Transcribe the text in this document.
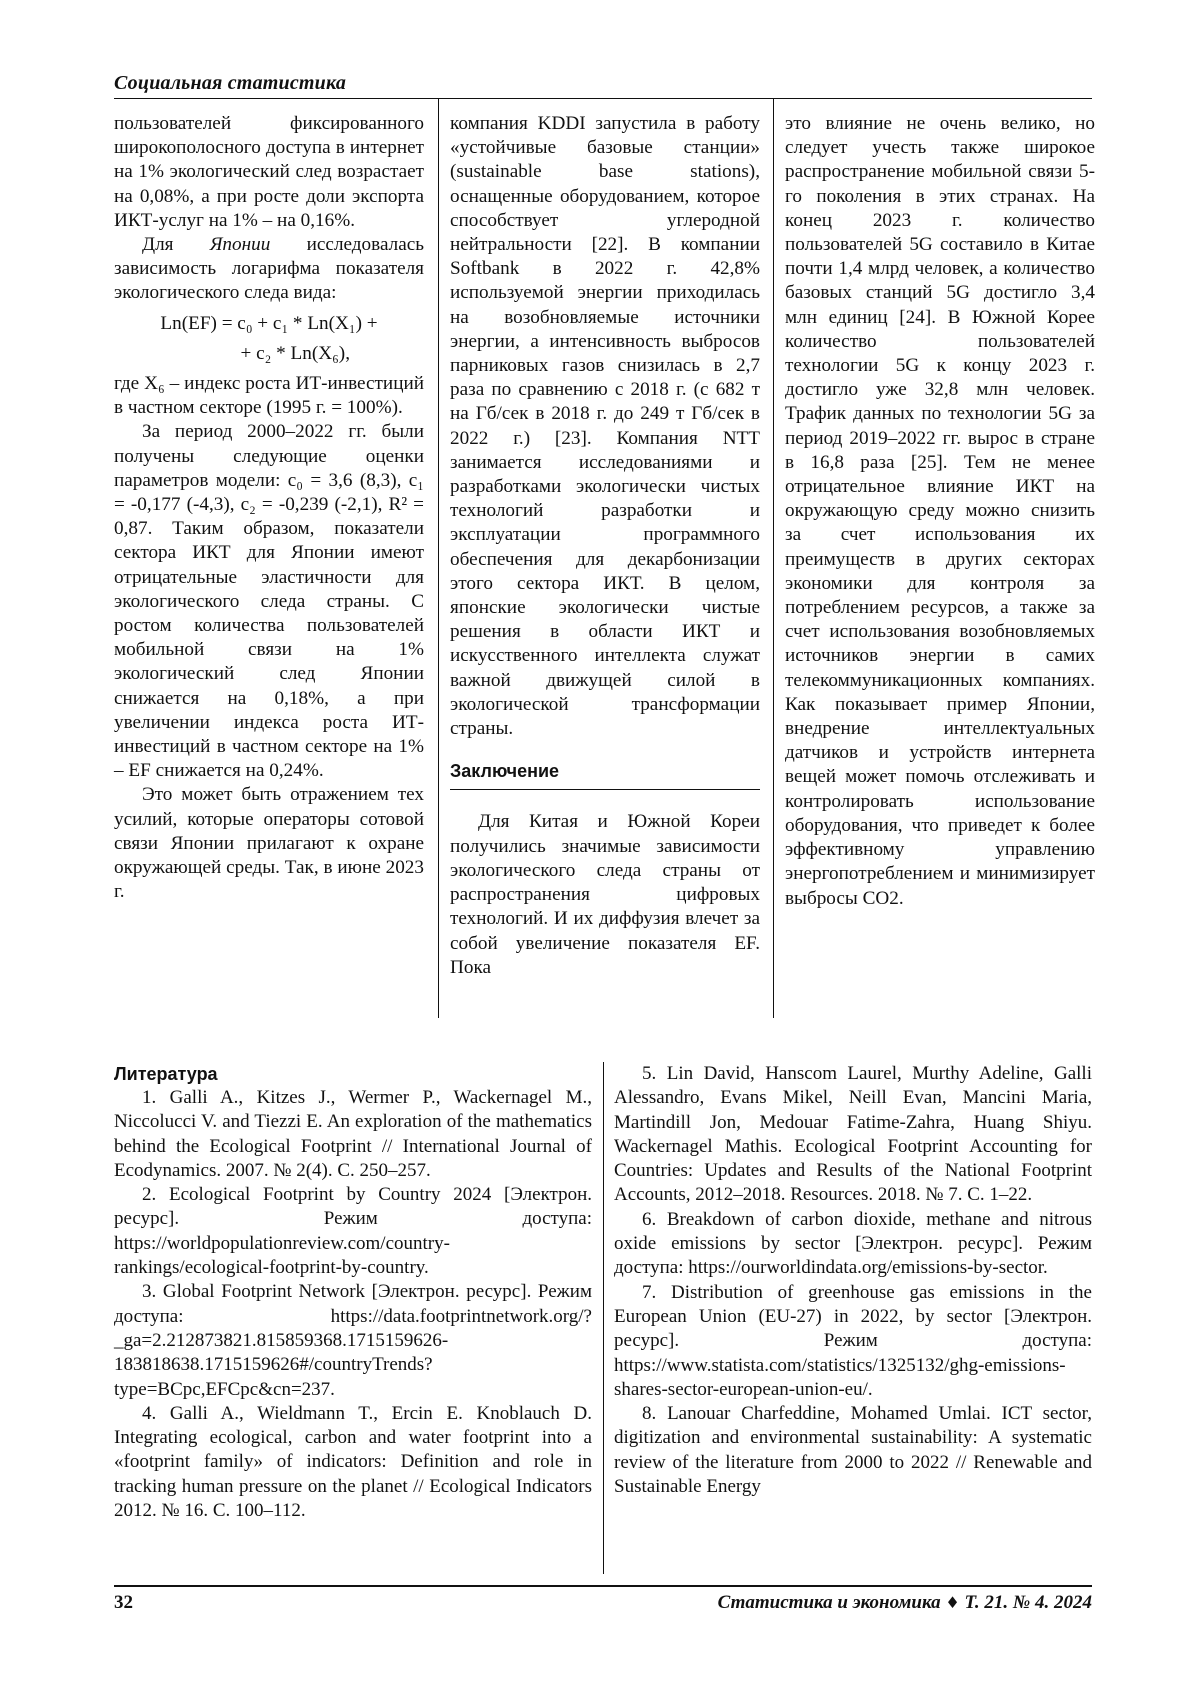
Социальная статистика

пользователей фиксированного широкополосного доступа в интернет на 1% экологический след возрастает на 0,08%, а при росте доли экспорта ИКТ-услуг на 1% – на 0,16%.

Для Японии исследовалась зависимость логарифма показателя экологического следа вида:

Ln(EF) = c₀ + c₁ * Ln(X₁) +
+ c₂ * Ln(X₆),

где X₆ – индекс роста ИТ-инвестиций в частном секторе (1995 г. = 100%).

За период 2000–2022 гг. были получены следующие оценки параметров модели: c₀ = 3,6 (8,3), c₁ = -0,177 (-4,3), c₂ = -0,239 (-2,1), R² = 0,87. Таким образом, показатели сектора ИКТ для Японии имеют отрицательные эластичности для экологического следа страны. С ростом количества пользователей мобильной связи на 1% экологический след Японии снижается на 0,18%, а при увеличении индекса роста ИТ-инвестиций в частном секторе на 1% – EF снижается на 0,24%.

Это может быть отражением тех усилий, которые операторы сотовой связи Японии прилагают к охране окружающей среды. Так, в июне 2023 г.

компания KDDI запустила в работу «устойчивые базовые станции» (sustainable base stations), оснащенные оборудованием, которое способствует углеродной нейтральности [22]. В компании Softbank в 2022 г. 42,8% используемой энергии приходилась на возобновляемые источники энергии, а интенсивность выбросов парниковых газов снизилась в 2,7 раза по сравнению с 2018 г. (с 682 т на Гб/сек в 2018 г. до 249 т Гб/сек в 2022 г.) [23]. Компания NTT занимается исследованиями и разработками экологически чистых технологий разработки и эксплуатации программного обеспечения для декарбонизации этого сектора ИКТ. В целом, японские экологически чистые решения в области ИКТ и искусственного интеллекта служат важной движущей силой в экологической трансформации страны.

Заключение

Для Китая и Южной Кореи получились значимые зависимости экологического следа страны от распространения цифровых технологий. И их диффузия влечет за собой увеличение показателя EF. Пока

это влияние не очень велико, но следует учесть также широкое распространение мобильной связи 5-го поколения в этих странах. На конец 2023 г. количество пользователей 5G составило в Китае почти 1,4 млрд человек, а количество базовых станций 5G достигло 3,4 млн единиц [24]. В Южной Корее количество пользователей технологии 5G к концу 2023 г. достигло уже 32,8 млн человек. Трафик данных по технологии 5G за период 2019–2022 гг. вырос в стране в 16,8 раза [25]. Тем не менее отрицательное влияние ИКТ на окружающую среду можно снизить за счет использования их преимуществ в других секторах экономики для контроля за потреблением ресурсов, а также за счет использования возобновляемых источников энергии в самих телекоммуникационных компаниях. Как показывает пример Японии, внедрение интеллектуальных датчиков и устройств интернета вещей может помочь отслеживать и контролировать использование оборудования, что приведет к более эффективному управлению энергопотреблением и минимизирует выбросы CO2.

Литература

1. Galli A., Kitzes J., Wermer P., Wackernagel M., Niccolucci V. and Tiezzi E. An exploration of the mathematics behind the Ecological Footprint // International Journal of Ecodynamics. 2007. № 2(4). С. 250–257.

2. Ecological Footprint by Country 2024 [Электрон. ресурс]. Режим доступа: https://worldpopulationreview.com/country-rankings/ecological-footprint-by-country.

3. Global Footprint Network [Электрон. ресурс]. Режим доступа: https://data.footprintnetwork.org/?_ga=2.212873821.815859368.1715159626-183818638.1715159626#/countryTrends?type=BCpc,EFCpc&cn=237.

4. Galli A., Wieldmann T., Ercin E. Knoblauch D. Integrating ecological, carbon and water footprint into a «footprint family» of indicators: Definition and role in tracking human pressure on the planet // Ecological Indicators 2012. № 16. С. 100–112.

5. Lin David, Hanscom Laurel, Murthy Adeline, Galli Alessandro, Evans Mikel, Neill Evan, Mancini Maria, Martindill Jon, Medouar Fatime-Zahra, Huang Shiyu. Wackernagel Mathis. Ecological Footprint Accounting for Countries: Updates and Results of the National Footprint Accounts, 2012–2018. Resources. 2018. № 7. С. 1–22.

6. Breakdown of carbon dioxide, methane and nitrous oxide emissions by sector [Электрон. ресурс]. Режим доступа: https://ourworldindata.org/emissions-by-sector.

7. Distribution of greenhouse gas emissions in the European Union (EU-27) in 2022, by sector [Электрон. ресурс]. Режим доступа: https://www.statista.com/statistics/1325132/ghg-emissions-shares-sector-european-union-eu/.

8. Lanouar Charfeddine, Mohamed Umlai. ICT sector, digitization and environmental sustainability: A systematic review of the literature from 2000 to 2022 // Renewable and Sustainable Energy

32	Статистика и экономика ♦ Т. 21. № 4. 2024
